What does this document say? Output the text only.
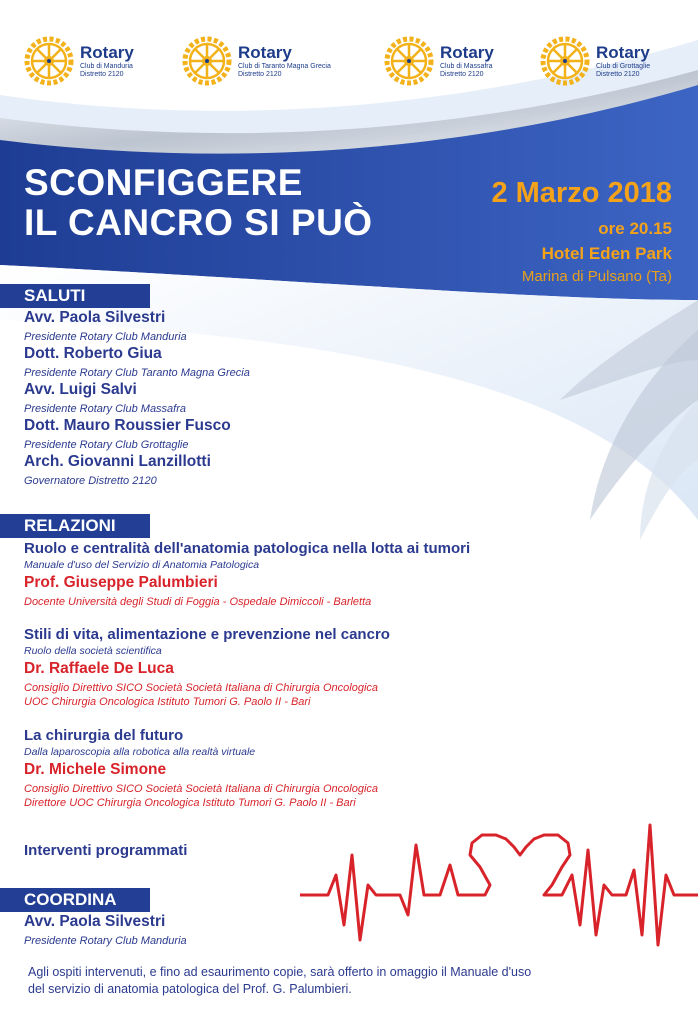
Rotary
Club di Manduria
Distretto 2120
Rotary
Club di Taranto Magna Grecia
Distretto 2120
Rotary
Club di Massafra
Distretto 2120
Rotary
Club di Grottaglie
Distretto 2120
SCONFIGGERE
IL CANCRO SI PUÒ
2 Marzo 2018
ore 20.15
Hotel Eden Park
Marina di Pulsano (Ta)
SALUTI
Avv. Paola Silvestri
Presidente Rotary Club Manduria
Dott. Roberto Giua
Presidente Rotary Club Taranto Magna Grecia
Avv. Luigi Salvi
Presidente Rotary Club Massafra
Dott. Mauro Roussier Fusco
Presidente Rotary Club Grottaglie
Arch. Giovanni Lanzillotti
Governatore Distretto 2120
RELAZIONI
Ruolo e centralità dell'anatomia patologica nella lotta ai tumori
Manuale d'uso del Servizio di Anatomia Patologica
Prof. Giuseppe Palumbieri
Docente Università degli Studi di Foggia - Ospedale Dimiccoli - Barletta
Stili di vita, alimentazione e prevenzione nel cancro
Ruolo della società scientifica
Dr. Raffaele De Luca
Consiglio Direttivo SICO Società Società Italiana di Chirurgia Oncologica
UOC Chirurgia Oncologica Istituto Tumori G. Paolo II - Bari
La chirurgia del futuro
Dalla laparoscopia alla robotica alla realtà virtuale
Dr. Michele Simone
Consiglio Direttivo SICO Società Società Italiana di Chirurgia Oncologica
Direttore UOC Chirurgia Oncologica Istituto Tumori G. Paolo II - Bari
Interventi programmati
COORDINA
Avv. Paola Silvestri
Presidente Rotary Club Manduria
Agli ospiti intervenuti, e fino ad esaurimento copie, sarà offerto in omaggio il Manuale d'uso
del servizio di anatomia patologica del Prof. G. Palumbieri.
